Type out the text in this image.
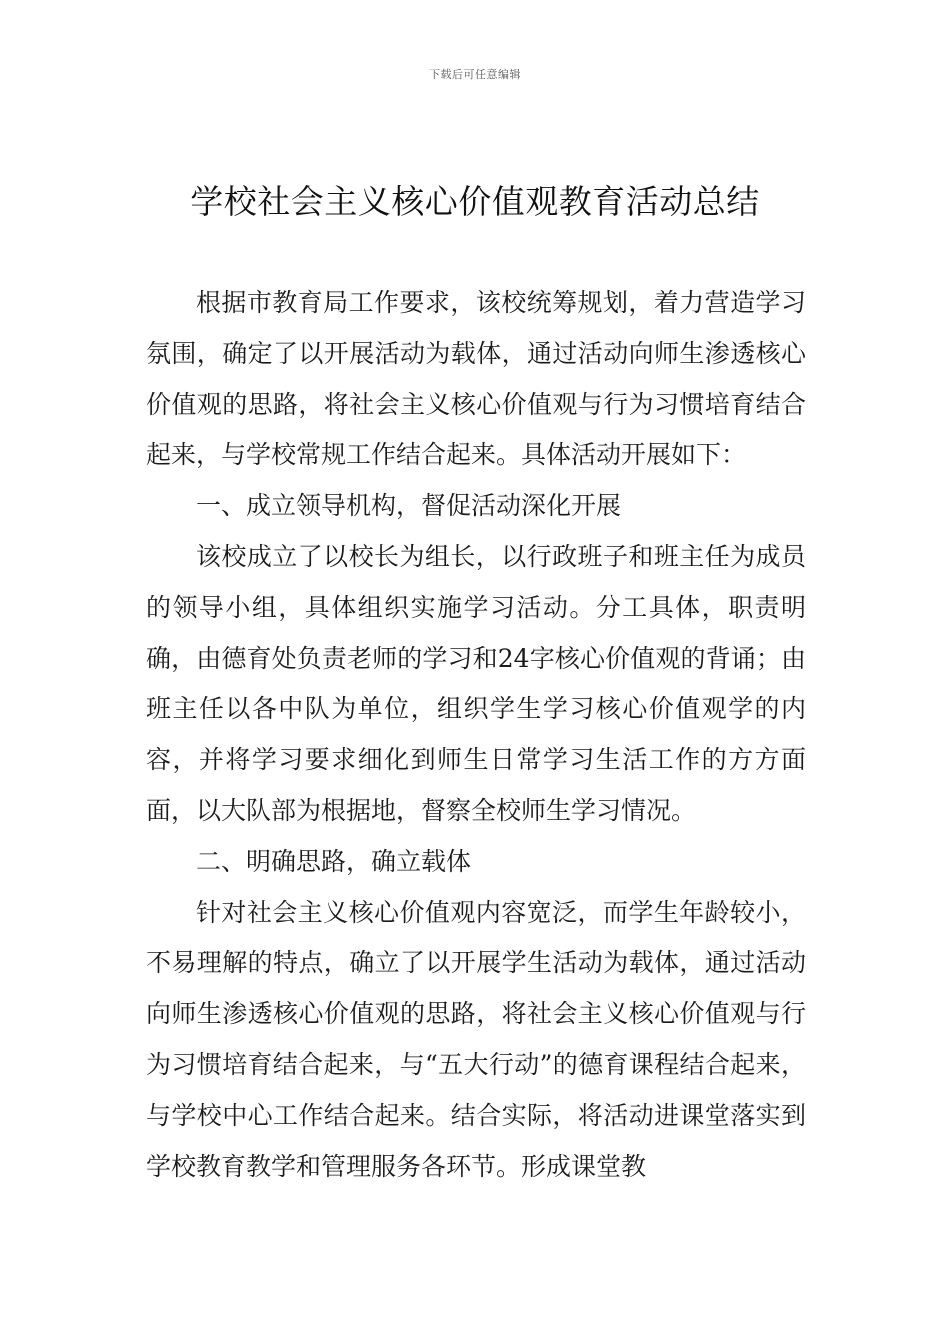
下载后可任意编辑
学校社会主义核心价值观教育活动总结

根据市教育局工作要求，该校统筹规划，着力营造学习氛围，确定了以开展活动为载体，通过活动向师生渗透核心价值观的思路，将社会主义核心价值观与行为习惯培育结合起来，与学校常规工作结合起来。具体活动开展如下：

一、成立领导机构，督促活动深化开展

该校成立了以校长为组长，以行政班子和班主任为成员的领导小组，具体组织实施学习活动。分工具体，职责明确，由德育处负责老师的学习和24字核心价值观的背诵；由班主任以各中队为单位，组织学生学习核心价值观学的内容，并将学习要求细化到师生日常学习生活工作的方方面面，以大队部为根据地，督察全校师生学习情况。

二、明确思路，确立载体

针对社会主义核心价值观内容宽泛，而学生年龄较小，不易理解的特点，确立了以开展学生活动为载体，通过活动向师生渗透核心价值观的思路，将社会主义核心价值观与行为习惯培育结合起来，与“五大行动”的德育课程结合起来，与学校中心工作结合起来。结合实际，将活动进课堂落实到学校教育教学和管理服务各环节。形成课堂教
